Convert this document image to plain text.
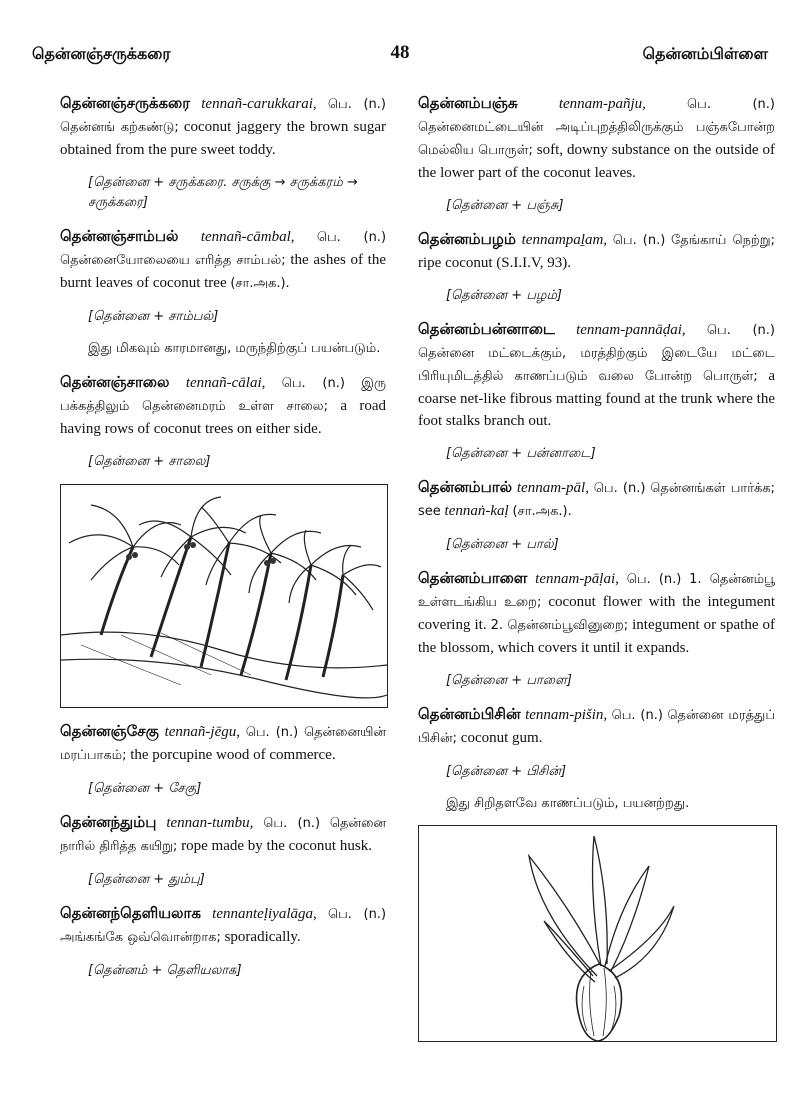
தென்னஞ்சருக்கரை	48	தென்னம்பிள்ளை
தென்னஞ்சருக்கரை tennañ-carukkarai, பெ. (n.) தென்னங் கற்கண்டு; coconut jaggery the brown sugar obtained from the pure sweet toddy.
[தென்னை + சருக்கரை. சருக்கு → சருக்கரம் → சருக்கரை]
தென்னஞ்சாம்பல் tennañ-cāmbal, பெ. (n.) தென்னையோலையை எரித்த சாம்பல்; the ashes of the burnt leaves of coconut tree (சா.அக.).
[தென்னை + சாம்பல்]
இது மிகவும் காரமானது, மருந்திற்குப் பயன்படும்.
தென்னஞ்சாலை tennañ-cālai, பெ. (n.) இரு பக்கத்திலும் தென்னைமரம் உள்ள சாலை; a road having rows of coconut trees on either side.
[தென்னை + சாலை]
தென்னஞ்சேகு tennañ-jēgu, பெ. (n.) தென்னையின் மரப்பாகம்; the porcupine wood of commerce.
[தென்னை + சேகு]
தென்னந்தும்பு tennan-tumbu, பெ. (n.) தென்னை நாரில் திரித்த கயிறு; rope made by the coconut husk.
[தென்னை + தும்பு]
தென்னந்தெளியலாக tennanteḷiyalāga, பெ. (n.) அங்கங்கே ஒவ்வொன்றாக; sporadically.
[தென்னம் + தெளியலாக]
தென்னம்பஞ்சு	tennam-pañju,	பெ. (n.) தென்னைமட்டையின் அடிப்புறத்திலிருக்கும் பஞ்சுபோன்ற மெல்லிய பொருள்; soft, downy substance on the outside of the lower part of the coconut leaves.
[தென்னை + பஞ்சு]
தென்னம்பழம் tennampaḻam, பெ. (n.) தேங்காய் நெற்று; ripe coconut (S.I.I.V, 93).
[தென்னை + பழம்]
தென்னம்பன்னாடை tennam-pannāḍai, பெ. (n.) தென்னை மட்டைக்கும், மரத்திற்கும் இடையே மட்டை பிரியுமிடத்தில் காணப்படும் வலை போன்ற பொருள்; a coarse net-like fibrous matting found at the trunk where the foot stalks branch out.
[தென்னை + பன்னாடை]
தென்னம்பால் tennam-pāl, பெ. (n.) தென்னங்கள் பார்க்க; see tennaṅ-kaḷ (சா.அக.).
[தென்னை + பால்]
தென்னம்பாளை tennam-pāḷai, பெ. (n.) 1. தென்னம்பூ உள்ளடங்கிய உறை; coconut flower with the integument covering it. 2. தென்னம்பூவினுறை; integument or spathe of the blossom, which covers it until it expands.
[தென்னை + பாளை]
தென்னம்பிசின் tennam-pišin, பெ. (n.) தென்னை மரத்துப் பிசின்; coconut gum.
[தென்னை + பிசின்]
இது சிறிதளவே காணப்படும், பயனற்றது.
